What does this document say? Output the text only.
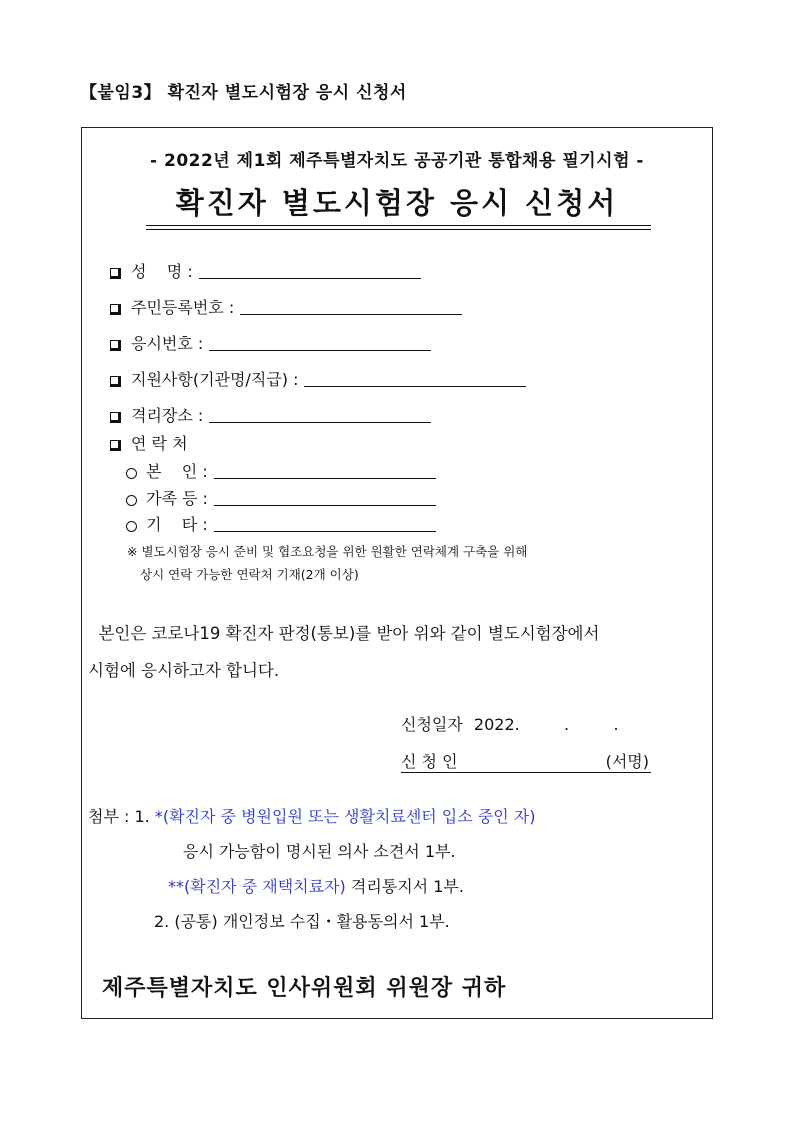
【붙임3】 확진자 별도시험장 응시 신청서
- 2022년 제1회 제주특별자치도 공공기관 통합채용 필기시험 -
확진자 별도시험장 응시 신청서
성    명 :
주민등록번호 :
응시번호 :
지원사항(기관명/직급) :
격리장소 :
연 락 처
본    인 :
가족 등 :
기    타 :
※ 별도시험장 응시 준비 및 협조요청을 위한 원활한 연락체계 구축을 위해
상시 연락 가능한 연락처 기재(2개 이상)
본인은 코로나19 확진자 판정(통보)를 받아 위와 같이 별도시험장에서
시험에 응시하고자 합니다.
신청일자 2022.    .    .
신 청 인	(서명)
첨부 : 1. *(확진자 중 병원입원 또는 생활치료센터 입소 중인 자)
응시 가능함이 명시된 의사 소견서 1부.
**(확진자 중 재택치료자) 격리통지서 1부.
2. (공통) 개인정보 수집・활용동의서 1부.
제주특별자치도 인사위원회 위원장 귀하
